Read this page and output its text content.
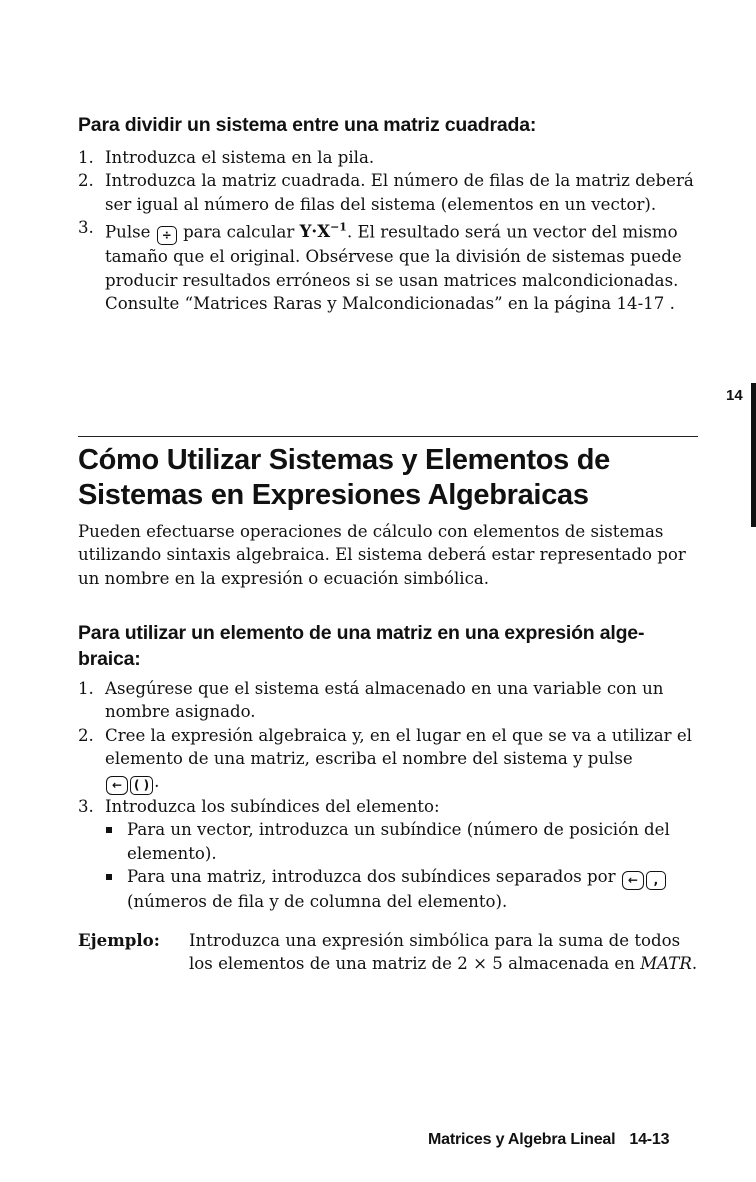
Para dividir un sistema entre una matriz cuadrada:
1. Introduzca el sistema en la pila.
2. Introduzca la matriz cuadrada. El número de filas de la matriz deberá ser igual al número de filas del sistema (elementos en un vector).
3. Pulse ÷ para calcular $Y\cdot X^{-1}$. El resultado será un vector del mismo tamaño que el original. Obsérvese que la división de sistemas puede producir resultados erróneos si se usan matrices malcondicionadas. Consulte “Matrices Raras y Malcondicionadas” en la página 14-17 .
14
Cómo Utilizar Sistemas y Elementos de
Sistemas en Expresiones Algebraicas

Pueden efectuarse operaciones de cálculo con elementos de sistemas utilizando sintaxis algebraica. El sistema deberá estar representado por un nombre en la expresión o ecuación simbólica.

Para utilizar un elemento de una matriz en una expresión alge-
braica:
1. Asegúrese que el sistema está almacenado en una variable con un nombre asignado.
2. Cree la expresión algebraica y, en el lugar en el que se va a utilizar el elemento de una matriz, escriba el nombre del sistema y pulse
← ( ) .
3. Introduzca los subíndices del elemento:
Para un vector, introduzca un subíndice (número de posición del elemento).
Para una matriz, introduzca dos subíndices separados por ← , (números de fila y de columna del elemento).
Ejemplo: Introduzca una expresión simbólica para la suma de todos los elementos de una matriz de 2 × 5 almacenada en MATR.
Matrices y Algebra Lineal 14-13
